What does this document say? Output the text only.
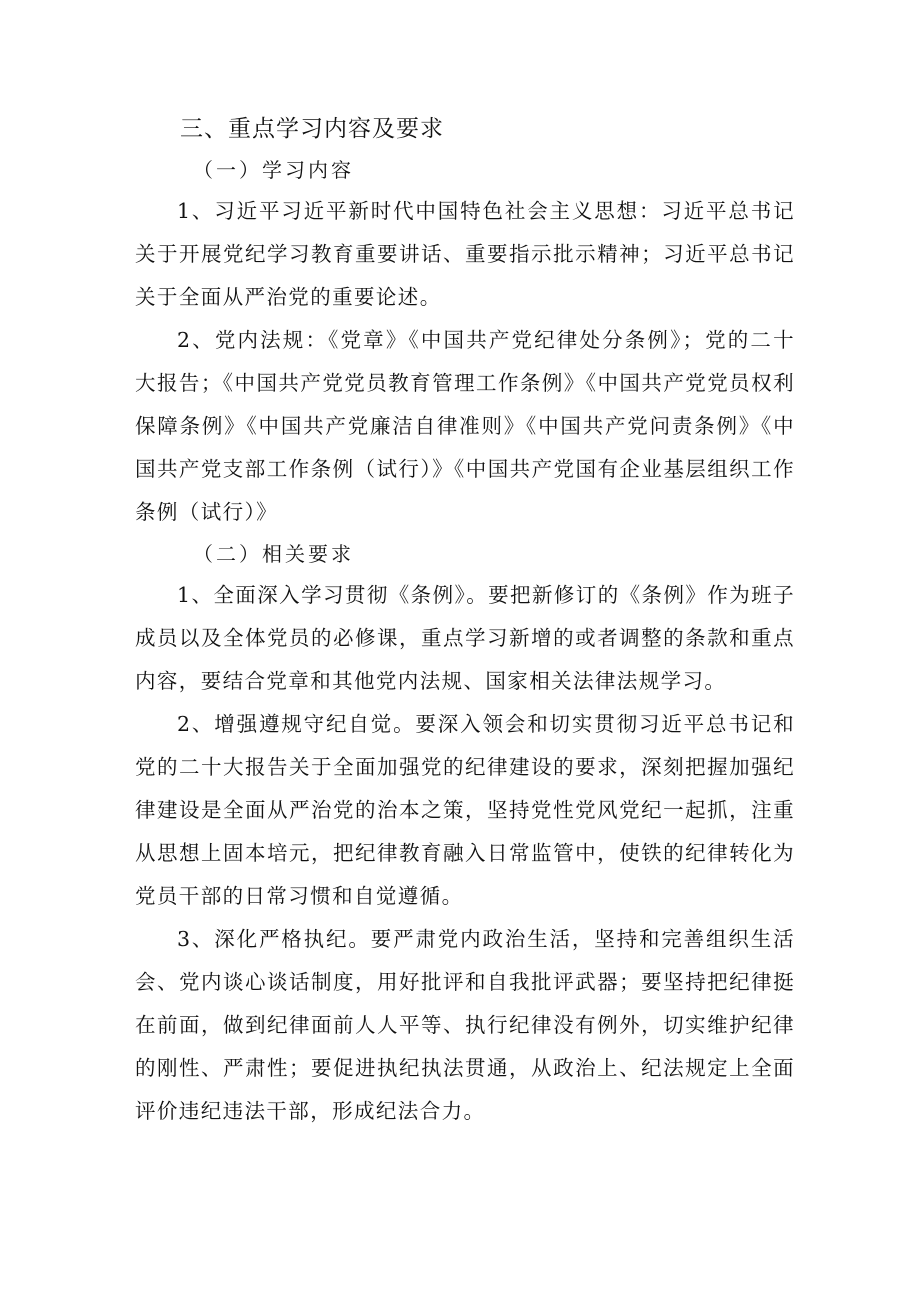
三、重点学习内容及要求
（一）学习内容

1、习近平习近平新时代中国特色社会主义思想：习近平总书记关于开展党纪学习教育重要讲话、重要指示批示精神；习近平总书记关于全面从严治党的重要论述。

2、党内法规：《党章》《中国共产党纪律处分条例》；党的二十大报告；《中国共产党党员教育管理工作条例》《中国共产党党员权利保障条例》《中国共产党廉洁自律准则》《中国共产党问责条例》《中国共产党支部工作条例（试行）》《中国共产党国有企业基层组织工作条例（试行）》

（二）相关要求

1、全面深入学习贯彻《条例》。要把新修订的《条例》作为班子成员以及全体党员的必修课，重点学习新增的或者调整的条款和重点内容，要结合党章和其他党内法规、国家相关法律法规学习。

2、增强遵规守纪自觉。要深入领会和切实贯彻习近平总书记和党的二十大报告关于全面加强党的纪律建设的要求，深刻把握加强纪律建设是全面从严治党的治本之策，坚持党性党风党纪一起抓，注重从思想上固本培元，把纪律教育融入日常监管中，使铁的纪律转化为党员干部的日常习惯和自觉遵循。

3、深化严格执纪。要严肃党内政治生活，坚持和完善组织生活会、党内谈心谈话制度，用好批评和自我批评武器；要坚持把纪律挺在前面，做到纪律面前人人平等、执行纪律没有例外，切实维护纪律的刚性、严肃性；要促进执纪执法贯通，从政治上、纪法规定上全面评价违纪违法干部，形成纪法合力。
